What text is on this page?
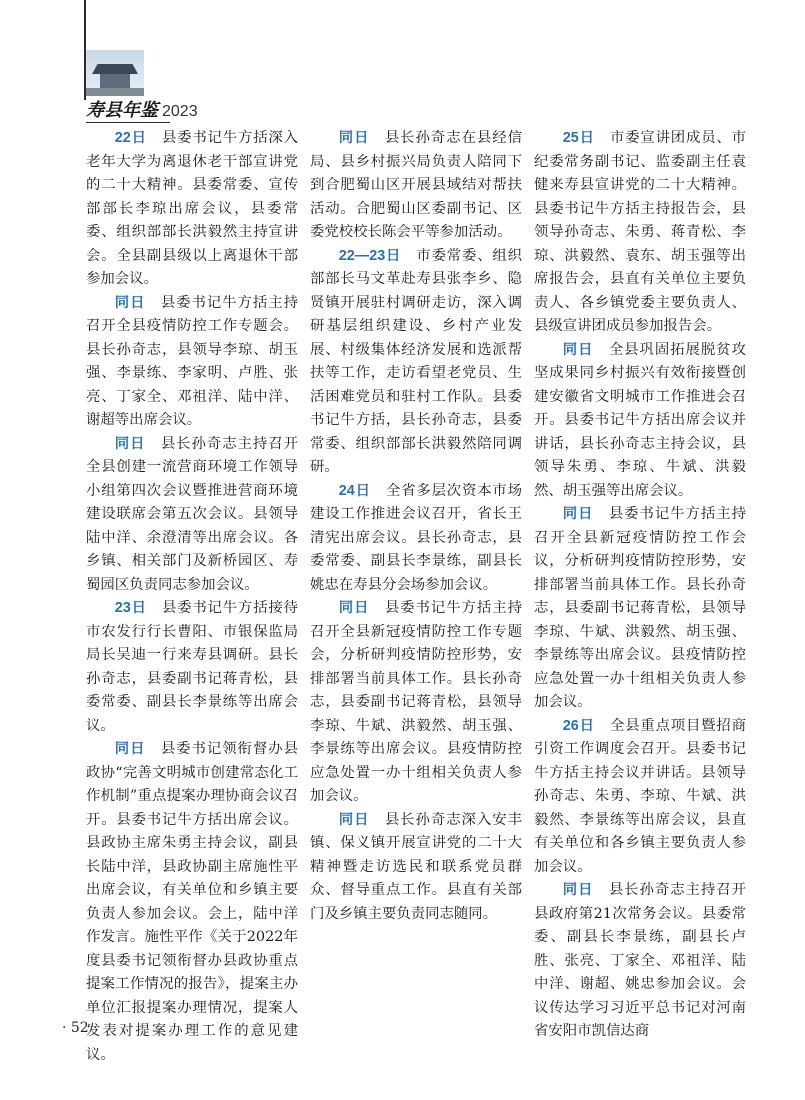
寿县年鉴 2023

22日　 县委书记牛方括深入老年大学为离退休老干部宣讲党的二十大精神。县委常委、宣传部部长李琼出席会议，县委常委、组织部部长洪毅然主持宣讲会。全县副县级以上离退休干部参加会议。

同日　 县委书记牛方括主持召开全县疫情防控工作专题会。县长孙奇志，县领导李琼、胡玉强、李景练、李家明、卢胜、张亮、丁家全、邓祖洋、陆中洋、谢超等出席会议。

同日　 县长孙奇志主持召开全县创建一流营商环境工作领导小组第四次会议暨推进营商环境建设联席会第五次会议。县领导陆中洋、余澄清等出席会议。各乡镇、相关部门及新桥园区、寿蜀园区负责同志参加会议。

23日　 县委书记牛方括接待市农发行行长曹阳、市银保监局局长吴迪一行来寿县调研。县长孙奇志，县委副书记蒋青松，县委常委、副县长李景练等出席会议。

同日　 县委书记领衔督办县政协“完善文明城市创建常态化工作机制”重点提案办理协商会议召开。县委书记牛方括出席会议。县政协主席朱勇主持会议，副县长陆中洋，县政协副主席施性平出席会议，有关单位和乡镇主要负责人参加会议。会上，陆中洋作发言。施性平作《关于2022年度县委书记领衔督办县政协重点提案工作情况的报告》，提案主办单位汇报提案办理情况，提案人发表对提案办理工作的意见建议。

同日　 县长孙奇志在县经信局、县乡村振兴局负责人陪同下到合肥蜀山区开展县域结对帮扶活动。合肥蜀山区委副书记、区委党校校长陈会平等参加活动。

22—23日　 市委常委、组织部部长马文革赴寿县张李乡、隐贤镇开展驻村调研走访，深入调研基层组织建设、乡村产业发展、村级集体经济发展和选派帮扶等工作，走访看望老党员、生活困难党员和驻村工作队。县委书记牛方括，县长孙奇志，县委常委、组织部部长洪毅然陪同调研。

24日　 全省多层次资本市场建设工作推进会议召开，省长王清宪出席会议。县长孙奇志，县委常委、副县长李景练，副县长姚忠在寿县分会场参加会议。

同日　 县委书记牛方括主持召开全县新冠疫情防控工作专题会，分析研判疫情防控形势，安排部署当前具体工作。县长孙奇志，县委副书记蒋青松，县领导李琼、牛斌、洪毅然、胡玉强、李景练等出席会议。县疫情防控应急处置一办十组相关负责人参加会议。

同日　 县长孙奇志深入安丰镇、保义镇开展宣讲党的二十大精神暨走访选民和联系党员群众、督导重点工作。县直有关部门及乡镇主要负责同志随同。

25日　 市委宣讲团成员、市纪委常务副书记、监委副主任袁健来寿县宣讲党的二十大精神。县委书记牛方括主持报告会，县领导孙奇志、朱勇、蒋青松、李琼、洪毅然、袁东、胡玉强等出席报告会，县直有关单位主要负责人、各乡镇党委主要负责人、县级宣讲团成员参加报告会。

同日　 全县巩固拓展脱贫攻坚成果同乡村振兴有效衔接暨创建安徽省文明城市工作推进会召开。县委书记牛方括出席会议并讲话，县长孙奇志主持会议，县领导朱勇、李琼、牛斌、洪毅然、胡玉强等出席会议。

同日　 县委书记牛方括主持召开全县新冠疫情防控工作会议，分析研判疫情防控形势，安排部署当前具体工作。县长孙奇志，县委副书记蒋青松，县领导李琼、牛斌、洪毅然、胡玉强、李景练等出席会议。县疫情防控应急处置一办十组相关负责人参加会议。

26日　 全县重点项目暨招商引资工作调度会召开。县委书记牛方括主持会议并讲话。县领导孙奇志、朱勇、李琼、牛斌、洪毅然、李景练等出席会议，县直有关单位和各乡镇主要负责人参加会议。

同日　 县长孙奇志主持召开县政府第21次常务会议。县委常委、副县长李景练，副县长卢胜、张亮、丁家全、邓祖洋、陆中洋、谢超、姚忠参加会议。会议传达学习习近平总书记对河南省安阳市凯信达商

· 52 ·
